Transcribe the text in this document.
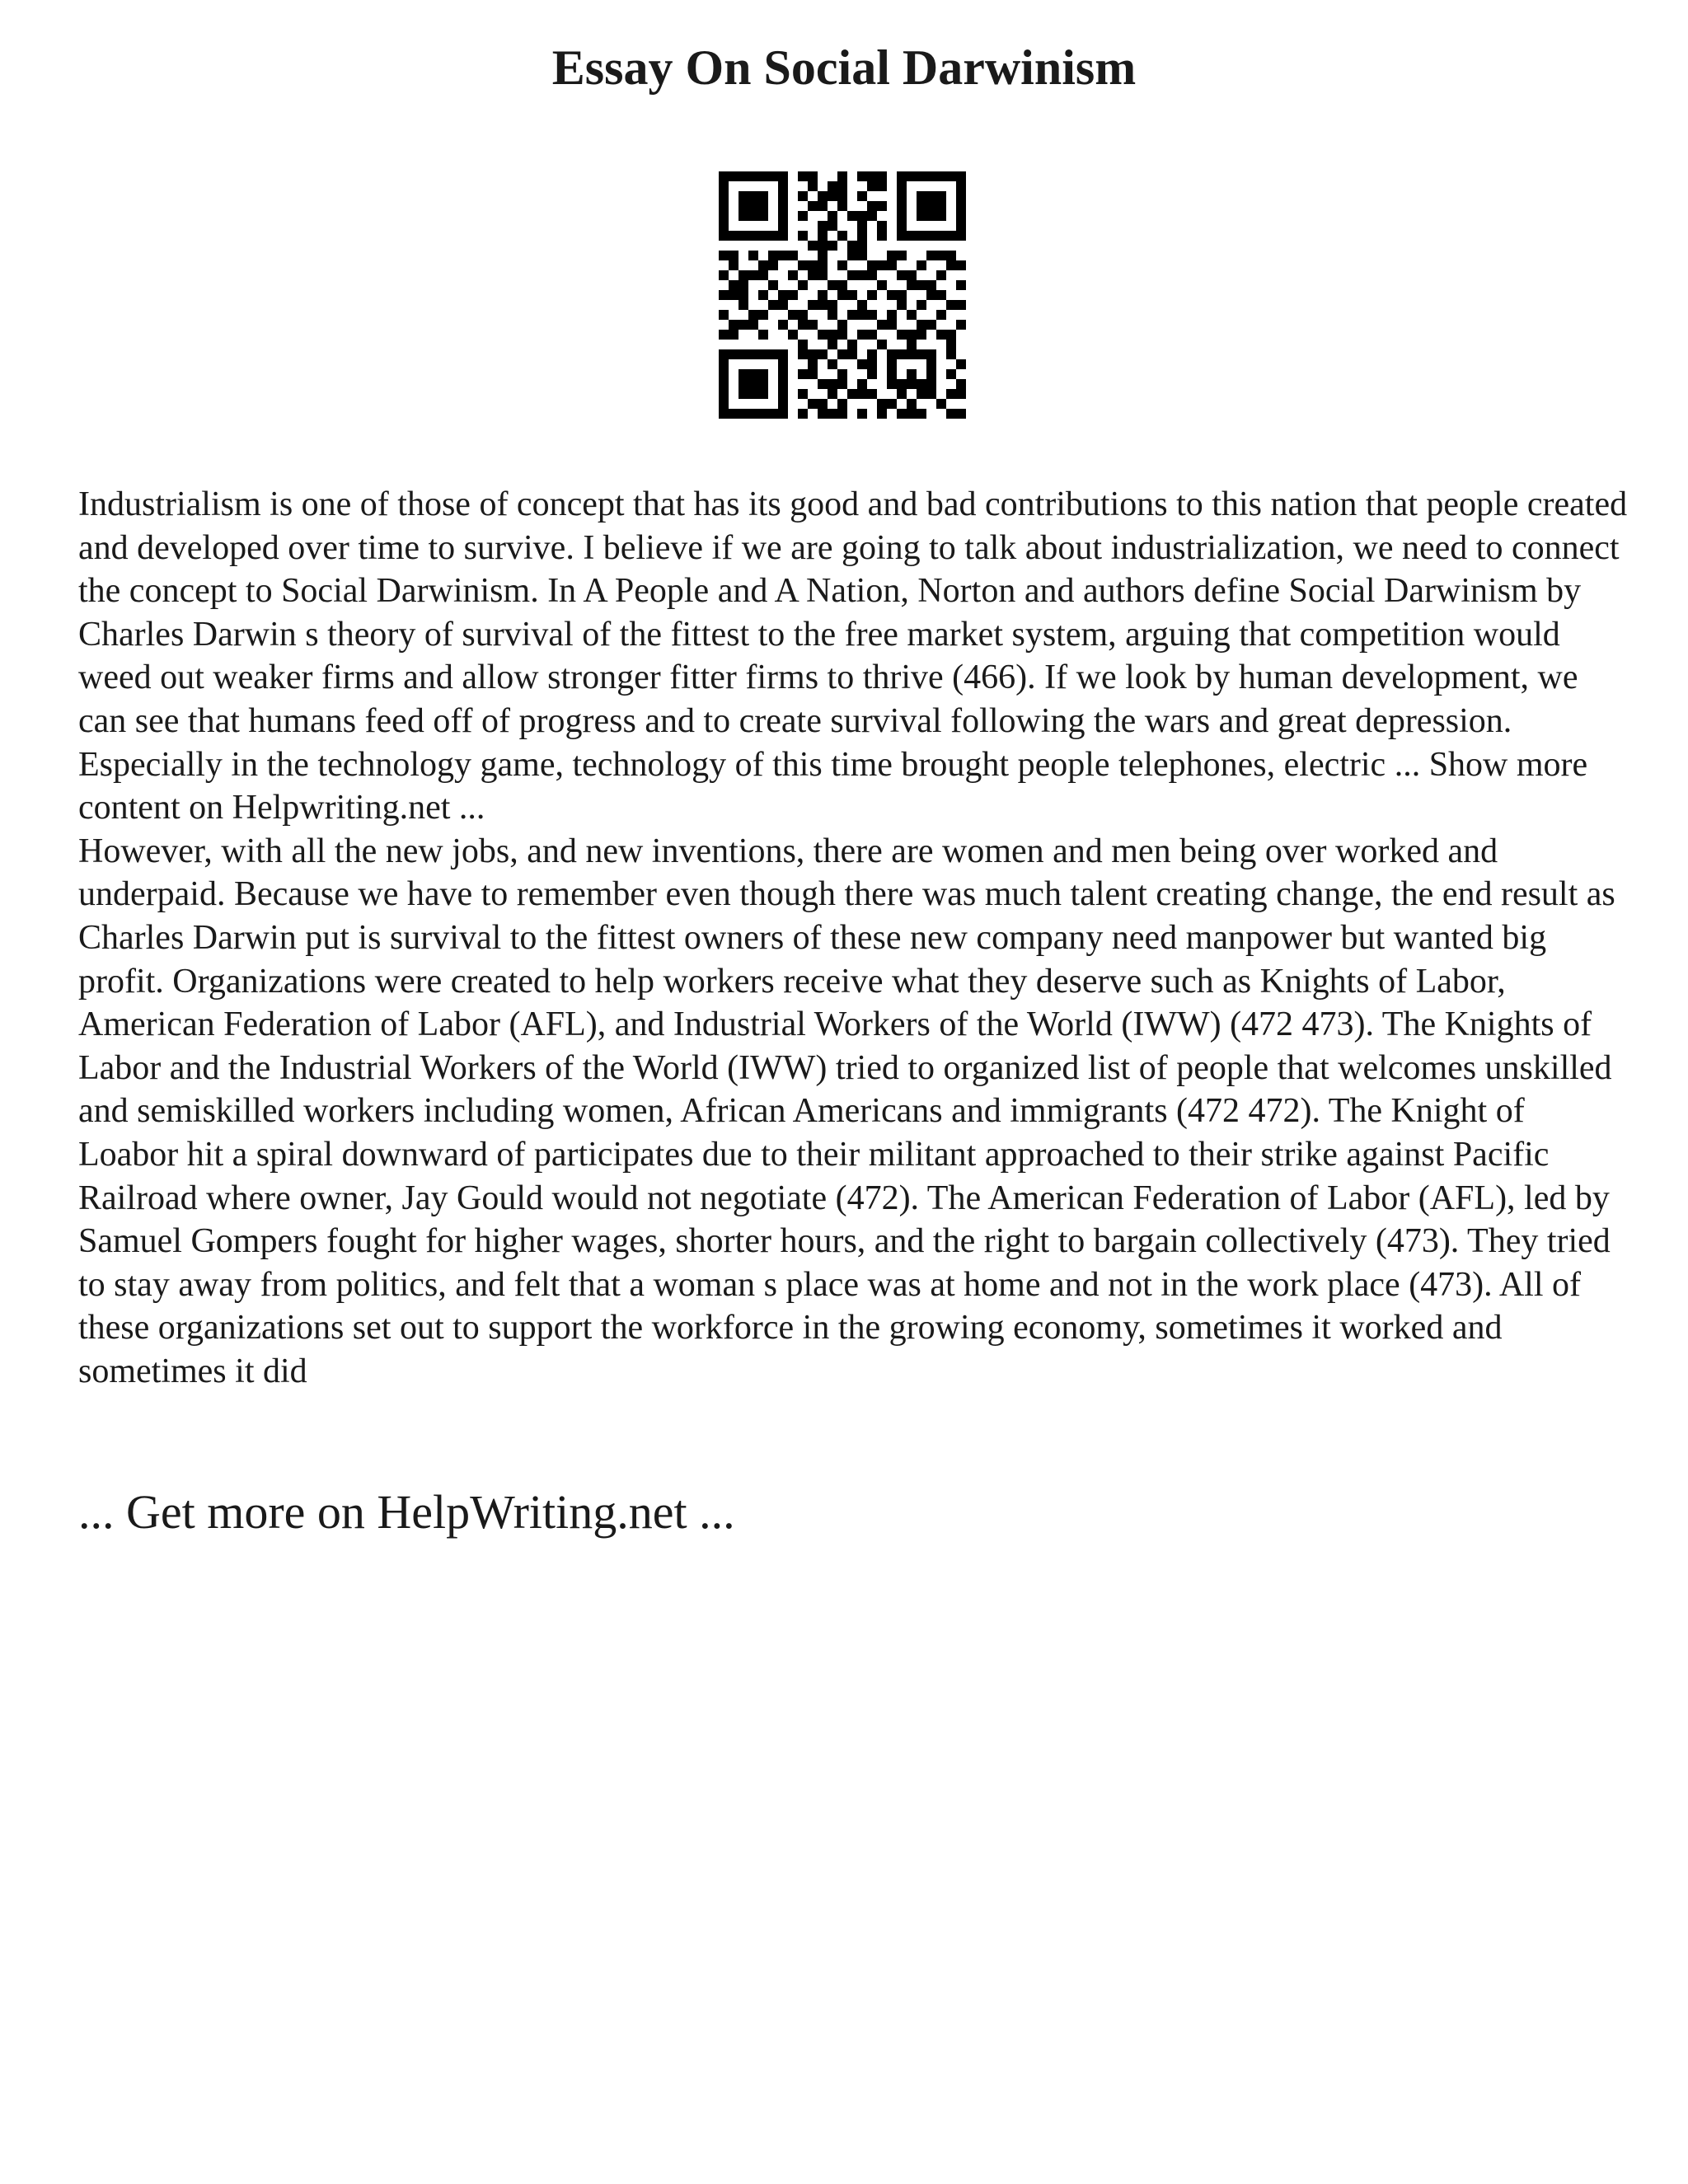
Essay On Social Darwinism

Industrialism is one of those of concept that has its good and bad contributions to this nation that people created and developed over time to survive. I believe if we are going to talk about industrialization, we need to connect the concept to Social Darwinism. In A People and A Nation, Norton and authors define Social Darwinism by Charles Darwin s theory of survival of the fittest to the free market system, arguing that competition would weed out weaker firms and allow stronger fitter firms to thrive (466). If we look by human development, we can see that humans feed off of progress and to create survival following the wars and great depression. Especially in the technology game, technology of this time brought people telephones, electric ... Show more content on Helpwriting.net ...

However, with all the new jobs, and new inventions, there are women and men being over worked and underpaid. Because we have to remember even though there was much talent creating change, the end result as Charles Darwin put is survival to the fittest owners of these new company need manpower but wanted big profit. Organizations were created to help workers receive what they deserve such as Knights of Labor, American Federation of Labor (AFL), and Industrial Workers of the World (IWW) (472 473). The Knights of Labor and the Industrial Workers of the World (IWW) tried to organized list of people that welcomes unskilled and semiskilled workers including women, African Americans and immigrants (472 472). The Knight of Loabor hit a spiral downward of participates due to their militant approached to their strike against Pacific Railroad where owner, Jay Gould would not negotiate (472). The American Federation of Labor (AFL), led by Samuel Gompers fought for higher wages, shorter hours, and the right to bargain collectively (473). They tried to stay away from politics, and felt that a woman s place was at home and not in the work place (473). All of these organizations set out to support the workforce in the growing economy, sometimes it worked and sometimes it did

... Get more on HelpWriting.net ...
